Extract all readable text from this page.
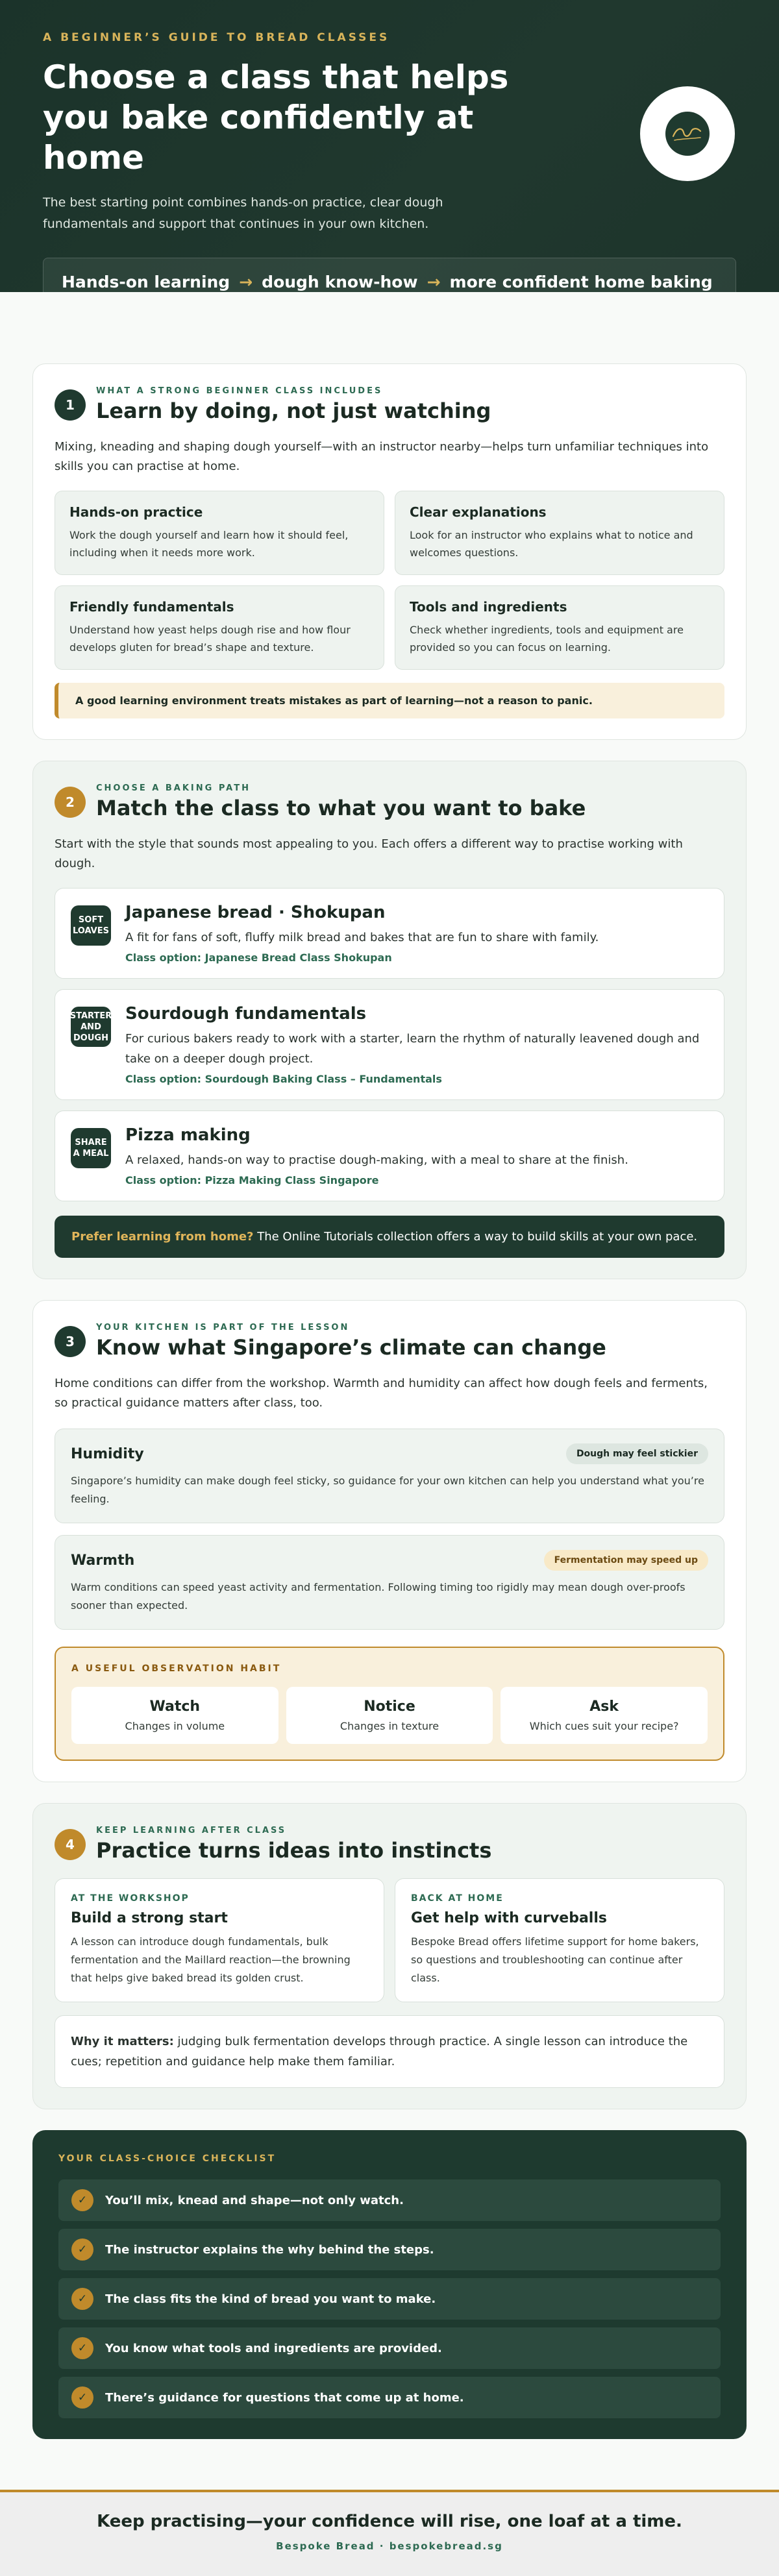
A BEGINNER’S GUIDE TO BREAD CLASSES
Choose a class that helps you bake confidently at home

The best starting point combines hands-on practice, clear dough fundamentals and support that continues in your own kitchen.

Hands-on learning → dough know-how → more confident home baking
1
WHAT A STRONG BEGINNER CLASS INCLUDES
Learn by doing, not just watching

Mixing, kneading and shaping dough yourself—with an instructor nearby—helps turn unfamiliar techniques into skills you can practise at home.

Hands-on practice

Work the dough yourself and learn how it should feel, including when it needs more work.

Clear explanations

Look for an instructor who explains what to notice and welcomes questions.

Friendly fundamentals

Understand how yeast helps dough rise and how flour develops gluten for bread’s shape and texture.

Tools and ingredients

Check whether ingredients, tools and equipment are provided so you can focus on learning.

A good learning environment treats mistakes as part of learning—not a reason to panic.
2
CHOOSE A BAKING PATH
Match the class to what you want to bake

Start with the style that sounds most appealing to you. Each offers a different way to practise working with dough.

SOFT LOAVES
Japanese bread · Shokupan

A fit for fans of soft, fluffy milk bread and bakes that are fun to share with family.

Class option: Japanese Bread Class Shokupan
STARTER AND DOUGH
Sourdough fundamentals

For curious bakers ready to work with a starter, learn the rhythm of naturally leavened dough and take on a deeper dough project.

Class option: Sourdough Baking Class – Fundamentals
SHARE A MEAL
Pizza making

A relaxed, hands-on way to practise dough-making, with a meal to share at the finish.

Class option: Pizza Making Class Singapore
Prefer learning from home? The Online Tutorials collection offers a way to build skills at your own pace.
3
YOUR KITCHEN IS PART OF THE LESSON
Know what Singapore’s climate can change

Home conditions can differ from the workshop. Warmth and humidity can affect how dough feels and ferments, so practical guidance matters after class, too.

Humidity	Dough may feel stickier

Singapore’s humidity can make dough feel sticky, so guidance for your own kitchen can help you understand what you’re feeling.

Warmth	Fermentation may speed up

Warm conditions can speed yeast activity and fermentation. Following timing too rigidly may mean dough over-proofs sooner than expected.

A USEFUL OBSERVATION HABIT
Watch

Changes in volume

Notice

Changes in texture

Ask

Which cues suit your recipe?

4
KEEP LEARNING AFTER CLASS
Practice turns ideas into instincts
AT THE WORKSHOP
Build a strong start

A lesson can introduce dough fundamentals, bulk fermentation and the Maillard reaction—the browning that helps give baked bread its golden crust.

BACK AT HOME
Get help with curveballs

Bespoke Bread offers lifetime support for home bakers, so questions and troubleshooting can continue after class.

Why it matters: judging bulk fermentation develops through practice. A single lesson can introduce the cues; repetition and guidance help make them familiar.
YOUR CLASS-CHOICE CHECKLIST
✓	You’ll mix, knead and shape—not only watch.
✓	The instructor explains the why behind the steps.
✓	The class fits the kind of bread you want to make.
✓	You know what tools and ingredients are provided.
✓	There’s guidance for questions that come up at home.
Keep practising—your confidence will rise, one loaf at a time.

Bespoke Bread · bespokebread.sg
